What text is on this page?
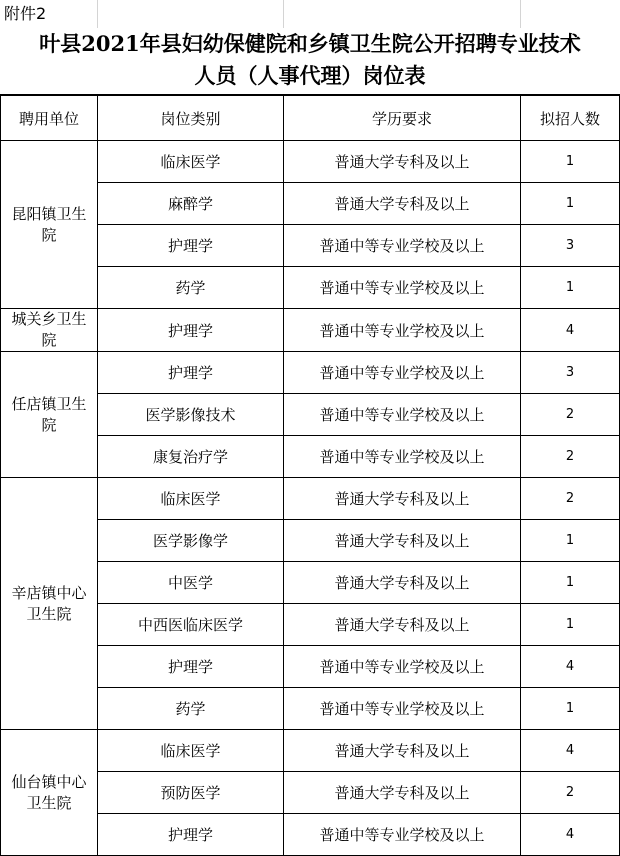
附件2
叶县2021年县妇幼保健院和乡镇卫生院公开招聘专业技术
人员（人事代理）岗位表
聘用单位	岗位类别	学历要求	拟招人数
昆阳镇卫生院	临床医学	普通大学专科及以上	1
	麻醉学	普通大学专科及以上	1
	护理学	普通中等专业学校及以上	3
	药学	普通中等专业学校及以上	1
城关乡卫生院	护理学	普通中等专业学校及以上	4
任店镇卫生院	护理学	普通中等专业学校及以上	3
	医学影像技术	普通中等专业学校及以上	2
	康复治疗学	普通中等专业学校及以上	2
辛店镇中心卫生院	临床医学	普通大学专科及以上	2
	医学影像学	普通大学专科及以上	1
	中医学	普通大学专科及以上	1
	中西医临床医学	普通大学专科及以上	1
	护理学	普通中等专业学校及以上	4
	药学	普通中等专业学校及以上	1
仙台镇中心卫生院	临床医学	普通大学专科及以上	4
	预防医学	普通大学专科及以上	2
	护理学	普通中等专业学校及以上	4
